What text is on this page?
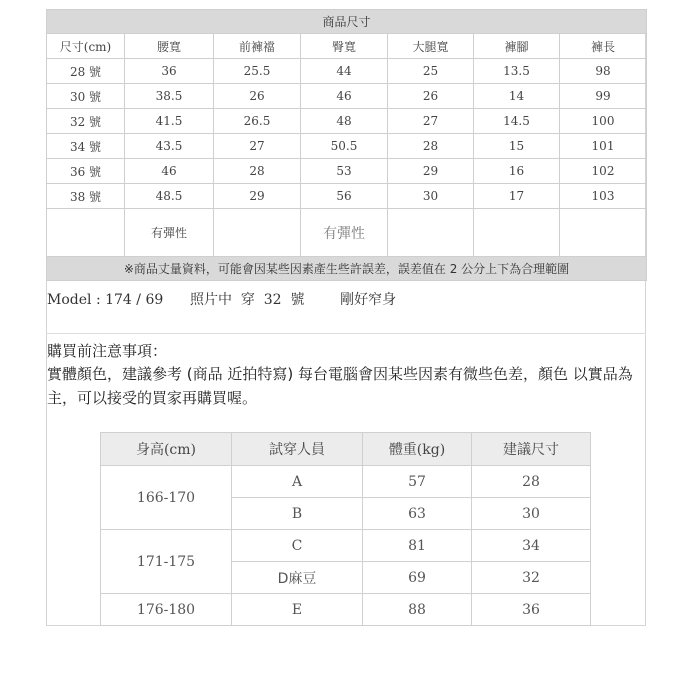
商品尺寸						
尺寸(cm)	腰寬	前褲襠	臀寬	大腿寬	褲腳	褲長
28 號	36	25.5	44	25	13.5	98
30 號	38.5	26	46	26	14	99
32 號	41.5	26.5	48	27	14.5	100
34 號	43.5	27	50.5	28	15	101
36 號	46	28	53	29	16	102
38 號	48.5	29	56	30	17	103
	有彈性		有彈性			
※商品丈量資料，可能會因某些因素產生些許誤差，誤差值在 2 公分上下為合理範圍						
Model : 174 / 69      照片中  穿  32  號        剛好窄身
購買前注意事項：
實體顏色，建議參考 (商品 近拍特寫) 每台電腦會因某些因素有微些色差，顏色 以實品為主，可以接受的買家再購買喔。
身高(cm)	試穿人員	體重(kg)	建議尺寸
166-170	A	57	28
	B	63	30
171-175	C	81	34
	D麻豆	69	32
176-180	E	88	36
